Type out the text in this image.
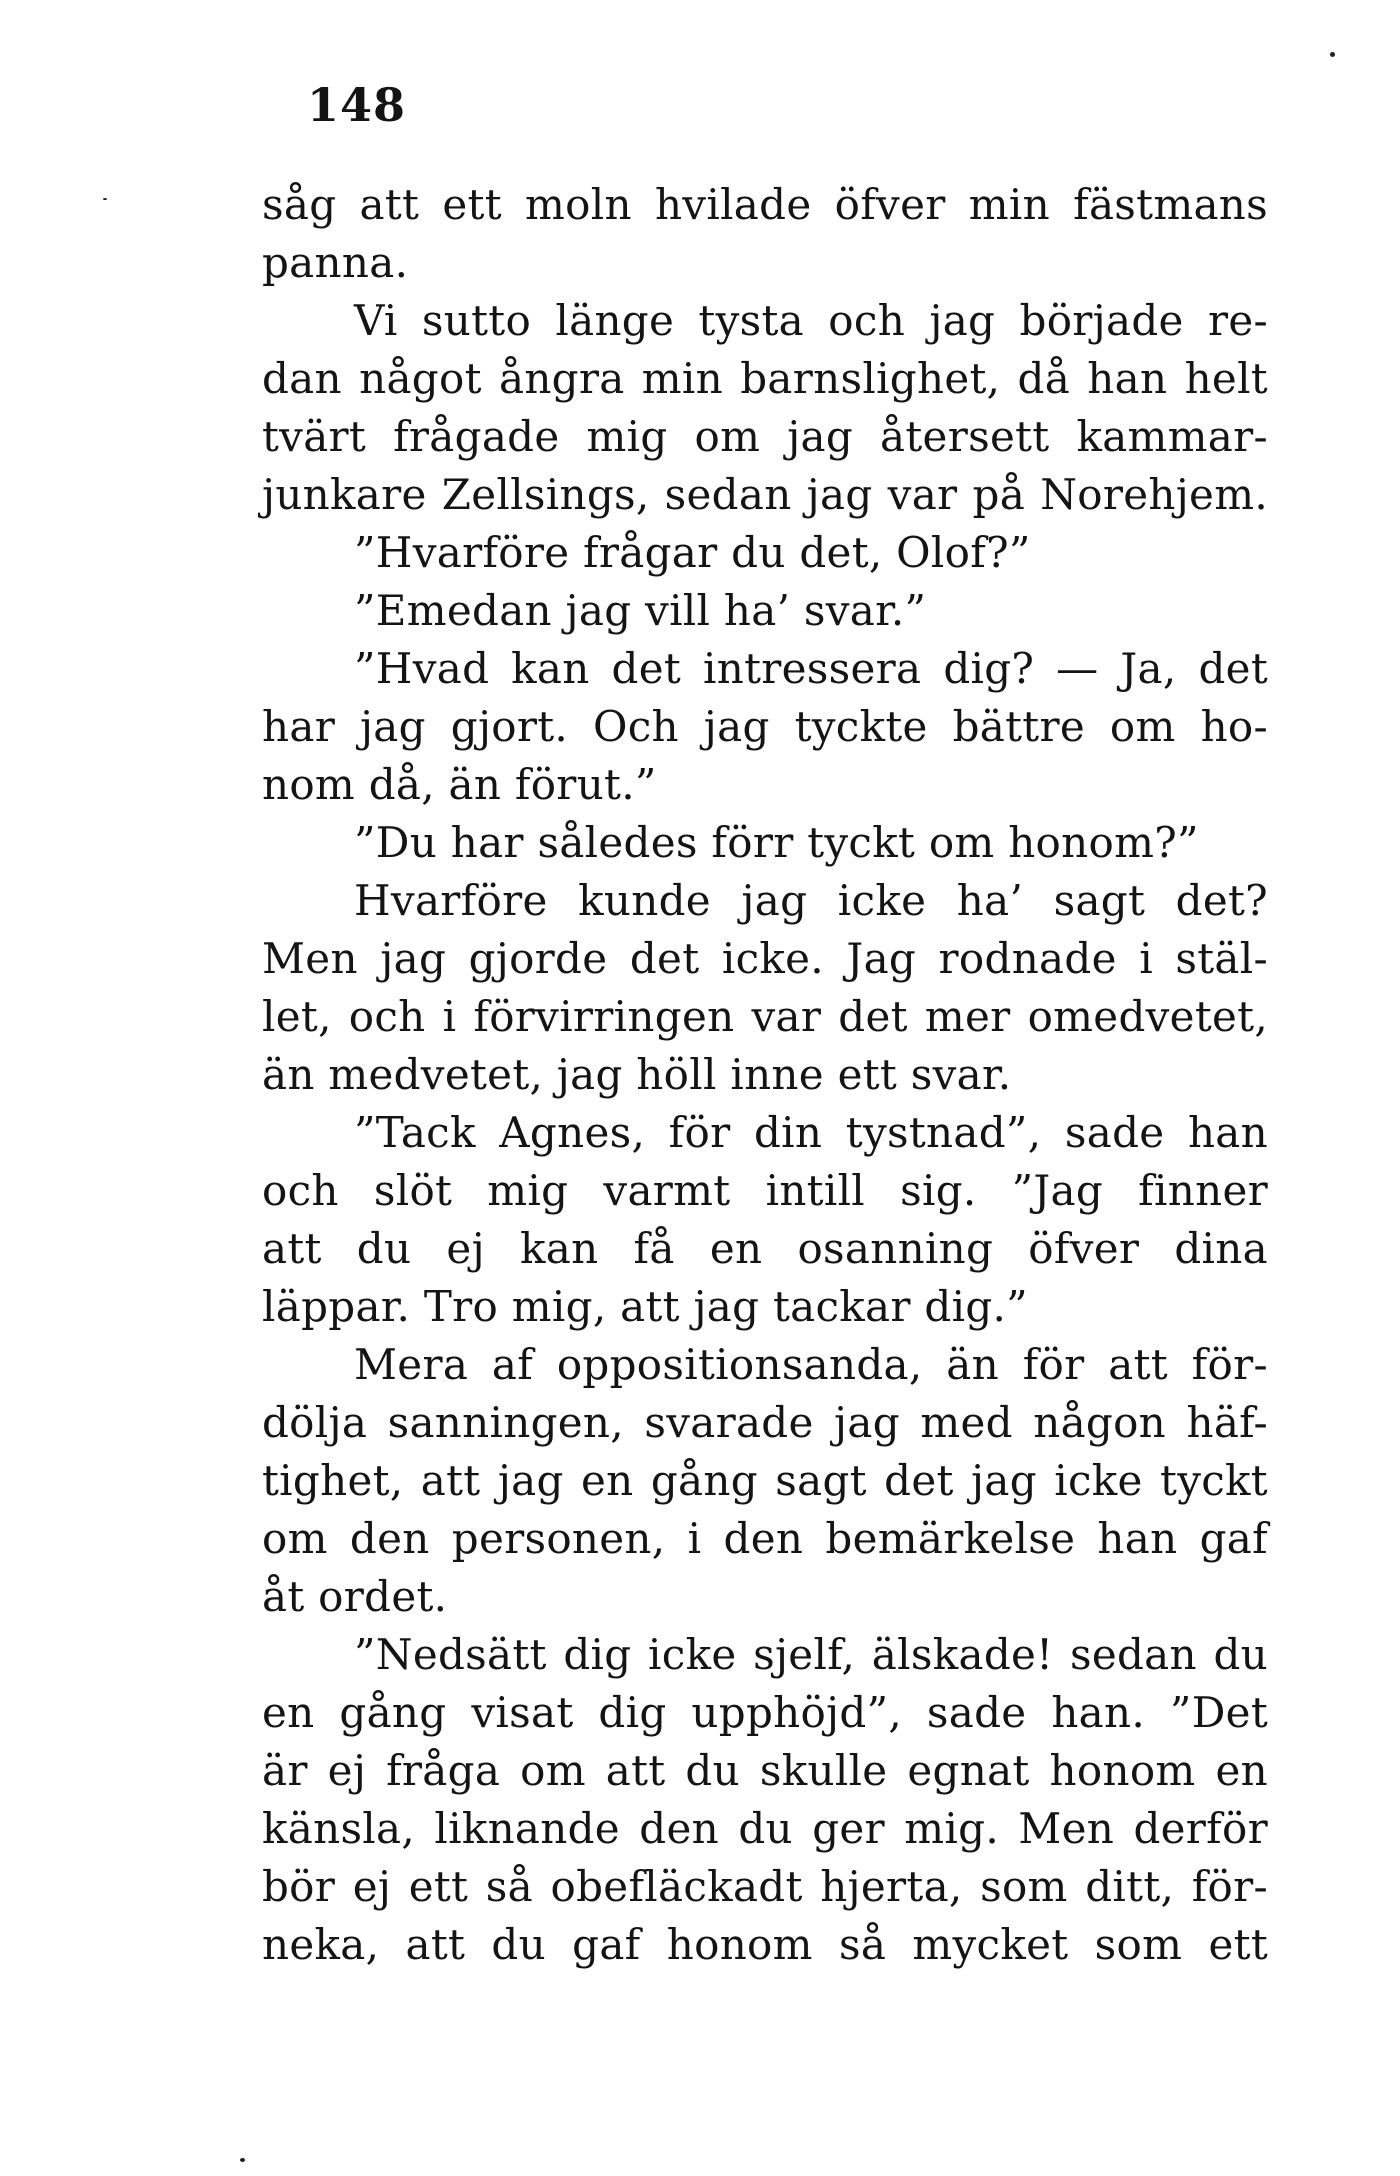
148
såg att ett moln hvilade öfver min fästmans
panna.
Vi sutto länge tysta och jag började re-
dan något ångra min barnslighet, då han helt
tvärt frågade mig om jag återsett kammar-
junkare Zellsings, sedan jag var på Norehjem.
”Hvarföre frågar du det, Olof?”
”Emedan jag vill ha’ svar.”
”Hvad kan det intressera dig? — Ja, det
har jag gjort. Och jag tyckte bättre om ho-
nom då, än förut.”
”Du har således förr tyckt om honom?”
Hvarföre kunde jag icke ha’ sagt det?
Men jag gjorde det icke. Jag rodnade i stäl-
let, och i förvirringen var det mer omedvetet,
än medvetet, jag höll inne ett svar.
”Tack Agnes, för din tystnad”, sade han
och slöt mig varmt intill sig. ”Jag finner
att du ej kan få en osanning öfver dina
läppar. Tro mig, att jag tackar dig.”
Mera af oppositionsanda, än för att för-
dölja sanningen, svarade jag med någon häf-
tighet, att jag en gång sagt det jag icke tyckt
om den personen, i den bemärkelse han gaf
åt ordet.
”Nedsätt dig icke sjelf, älskade! sedan du
en gång visat dig upphöjd”, sade han. ”Det
är ej fråga om att du skulle egnat honom en
känsla, liknande den du ger mig. Men derför
bör ej ett så obefläckadt hjerta, som ditt, för-
neka, att du gaf honom så mycket som ett
